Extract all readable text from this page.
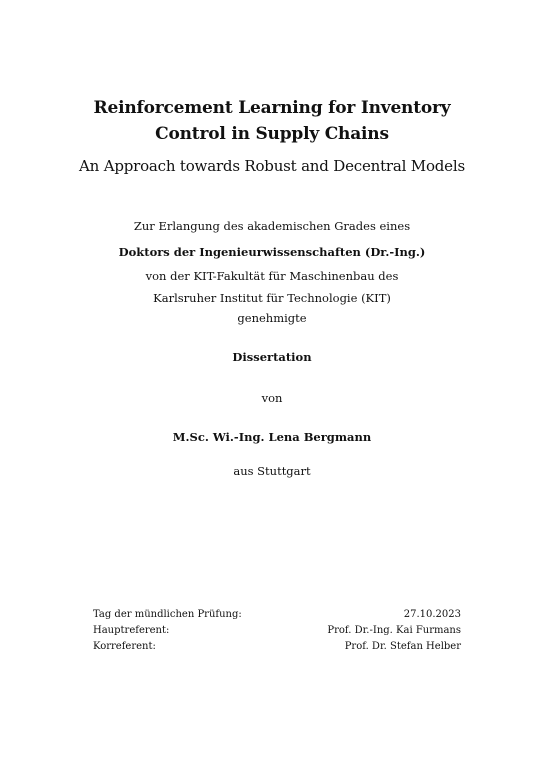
Reinforcement Learning for Inventory
Control in Supply Chains
An Approach towards Robust and Decentral Models
Zur Erlangung des akademischen Grades eines
Doktors der Ingenieurwissenschaften (Dr.-Ing.)
von der KIT-Fakultät für Maschinenbau des
Karlsruher Institut für Technologie (KIT)
genehmigte
Dissertation
von
M.Sc. Wi.-Ing. Lena Bergmann
aus Stuttgart
Tag der mündlichen Prüfung:	27.10.2023
Hauptreferent:	Prof. Dr.-Ing. Kai Furmans
Korreferent:	Prof. Dr. Stefan Helber
